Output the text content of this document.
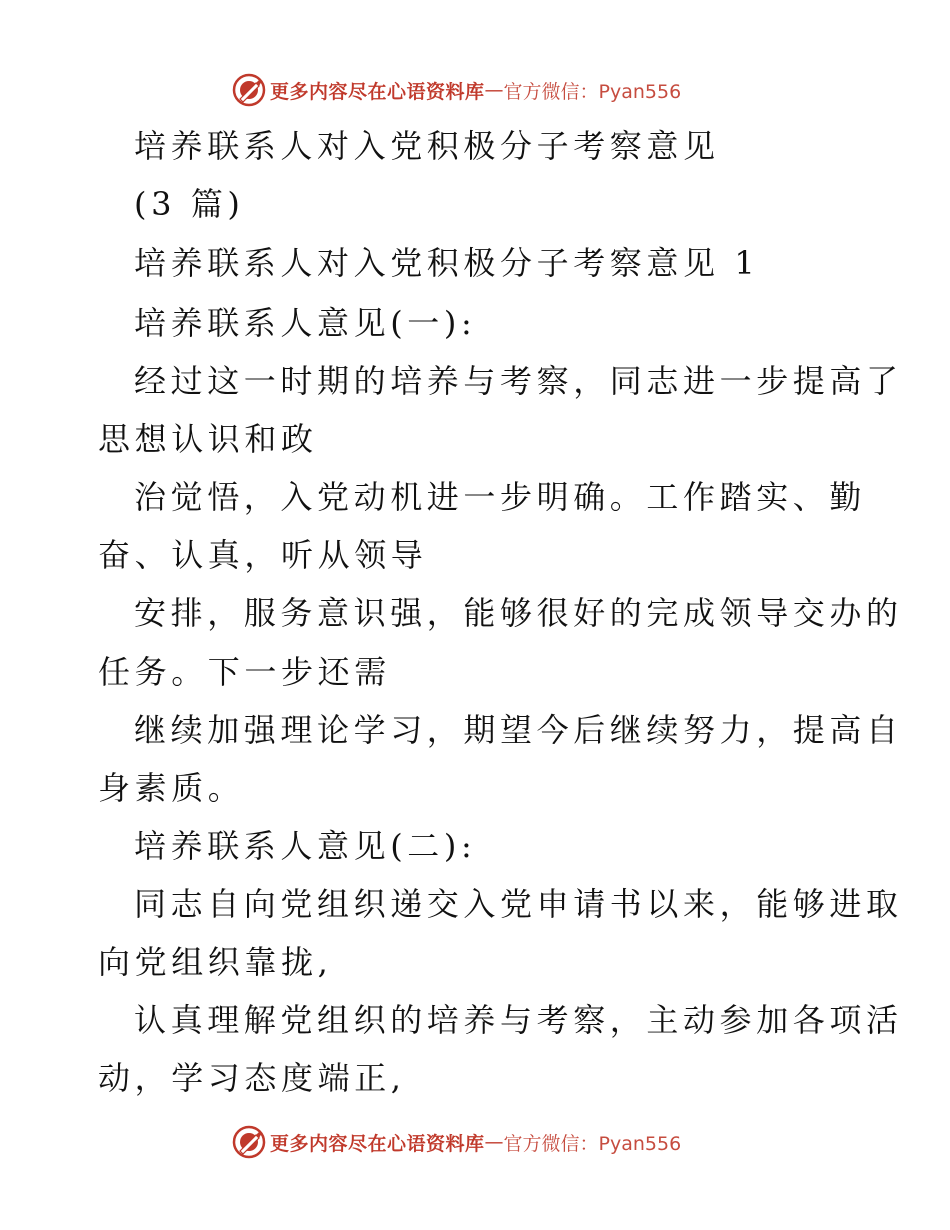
更多内容尽在心语资料库 — 官方微信：Pyan556
培养联系人对入党积极分子考察意见
(3 篇)
培养联系人对入党积极分子考察意见 1
培养联系人意见(一):
经过这一时期的培养与考察，同志进一步提高了
思想认识和政
治觉悟，入党动机进一步明确。工作踏实、勤
奋、认真，听从领导
安排，服务意识强，能够很好的完成领导交办的
任务。下一步还需
继续加强理论学习，期望今后继续努力，提高自
身素质。
培养联系人意见(二):
同志自向党组织递交入党申请书以来，能够进取
向党组织靠拢,
认真理解党组织的培养与考察，主动参加各项活
动，学习态度端正,
更多内容尽在心语资料库 — 官方微信：Pyan556
